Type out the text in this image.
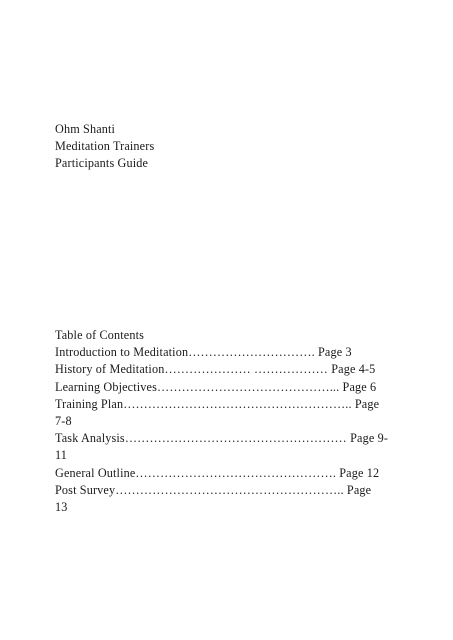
Ohm Shanti
Meditation Trainers
Participants Guide
Table of Contents
Introduction to Meditation…………………………. Page 3
History of Meditation………………… ……………… Page 4-5
Learning Objectives……………………………………... Page 6
Training Plan……………………………………………….. Page
7-8
Task Analysis……………………………………………… Page 9-
11
General Outline…………………………………………. Page 12
Post Survey……………………………………………….. Page
13
